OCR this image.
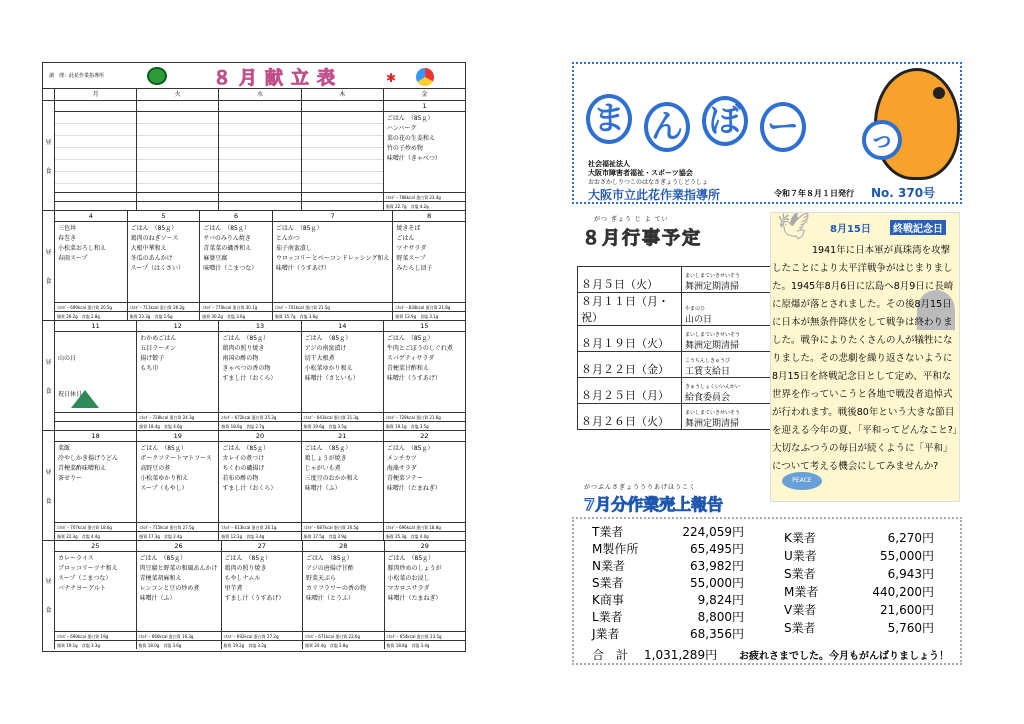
調　理：此花作業指導所	８月献立表	✱
月	火	水	木	金
昼
食
1
ごはん　（85ｇ）
ハンバーグ
菜の花の生姜和え
竹の子炒め物
味噌汁（きゃべつ）
ｴﾈﾙｷﾞｰ 788kcal 蛋白質 23.4g
脂質 22.7g　食塩 4.2g
昼
食
4
三色丼
春巻き
小松菜おろし和え
春雨スープ
ｴﾈﾙｷﾞｰ 690kcal 蛋白質 20.5g
脂質 26.2g　食塩 2.8g
5
ごはん　（85ｇ）
鶏肉のねぎソース
大根中華和え
冬瓜のあんかけ
スープ（はくさい）
ｴﾈﾙｷﾞｰ 711kcal 蛋白質 26.2g
脂質 23.3g　食塩 2.6g
6
ごはん　（85ｇ）
サバのみりん焼き
青菜菜の磯香和え
麻婆豆腐
味噌汁（こまつな）
ｴﾈﾙｷﾞｰ 770kcal 蛋白質 30.1g
脂質 30.2g　食塩 3.6g
7
ごはん　（85ｇ）
とんかつ
茄子南蛮漬し
ウロッコリーとベーコンドレッシング和え
味噌汁（うすあげ）
ｴﾈﾙｷﾞｰ 741kcal 蛋白質 21.5g
脂質 15.7g　食塩 3.6g
8
焼きそば
ごはん
ツナサラダ
野菜スープ
みたらし団子
ｴﾈﾙｷﾞｰ 834kcal 蛋白質 21.8g
脂質 12.9g　食塩 3.1g
昼
食
11
山の日
祝日休日
12
わかめごはん
五目ラーメン
揚げ餃子
もち巾
ｴﾈﾙｷﾞｰ 728kcal 蛋白質 24.3g
脂質 18.4g　食塩 4.6g
13
ごはん　（85ｇ）
鶏肉の照り焼き
南国の酢の物
きゃべつの香の物
すまし汁（おくら）
ｴﾈﾙｷﾞｰ 672kcal 蛋白質 25.3g
脂質 18.0g　食塩 2.7g
14
ごはん　（85ｇ）
アジの南蛮漬け
切干大根煮
小松菜ゆかり和え
味噌汁（さといも）
ｴﾈﾙｷﾞｰ 643kcal 蛋白質 21.3g
脂質 19.6g　食塩 3.5g
15
ごはん　（85ｇ）
牛肉とごぼうのしぐれ煮
スパゲティサラダ
青梗菜甘酢和え
味噌汁（うすあげ）
ｴﾈﾙｷﾞｰ 729kcal 蛋白質 21.6g
脂質 19.1g　食塩 3.5g
昼
食
18
菜飯
冷やしかき揚げうどん
青梗菜酢味噌和え
茶せりー
ｴﾈﾙｷﾞｰ 707kcal 蛋白質 18.6g
脂質 22.3g　食塩 4.4g
19
ごはん　（85ｇ）
ポークソテートマトソース
高野豆の煮
小松菜ゆかり和え
スープ（もやし）
ｴﾈﾙｷﾞｰ 715kcal 蛋白質 27.5g
脂質 17.3g　食塩 2.4g
20
ごはん　（85ｇ）
カレイの煮つけ
ちくわの磯揚げ
若布の酢の物
すまし汁（おくら）
ｴﾈﾙｷﾞｰ 613kcal 蛋白質 26.1g
脂質 12.2g　食塩 3.4g
21
ごはん　（85ｇ）
鶏しょうが焼き
じゃがいも煮
三度豆のおかか和え
味噌汁（ふ）
ｴﾈﾙｷﾞｰ 687kcal 蛋白質 26.5g
脂質 17.5g　食塩 2.9g
22
ごはん　（85ｇ）
メンチカツ
海藻サラダ
青梗菜ソテー
味噌汁（たまねぎ）
ｴﾈﾙｷﾞｰ 696kcal 蛋白質 18.8g
脂質 25.3g　食塩 4.0g
昼
食
25
カレーライス
ブロッコリーツナ和え
スープ（こまつな）
バナナヨーグルト
ｴﾈﾙｷﾞｰ 690kcal 蛋白質 19g
脂質 19.1g　食塩 3.3g
26
ごはん　（85ｇ）
肉豆腐と野菜の和風あんかけ
青梗菜胡麻和え
レンコンと豆の炒め煮
味噌汁（ふ）
ｴﾈﾙｷﾞｰ 660kcal 蛋白質 16.3g
脂質 18.0g　食塩 3.6g
27
ごはん　（85ｇ）
鶏肉の照り焼き
もやしナムル
里芋煮
すまし汁（うすあげ）
ｴﾈﾙｷﾞｰ 692kcal 蛋白質 27.2g
脂質 19.2g　食塩 3.2g
28
ごはん　（85ｇ）
アジの唐揚げ甘酢
野菜天ぷら
カリフラワーの香の物
味噌汁（とうふ）
ｴﾈﾙｷﾞｰ 671kcal 蛋白質 22.6g
脂質 20.4g　食塩 2.8g
29
ごはん　（85ｇ）
豚肉炒めのしょうが
小松菜のお浸し
マカロニサラダ
味噌汁（たまねぎ）
ｴﾈﾙｷﾞｰ 654kcal 蛋白質 23.5g
脂質 18.8g　食塩 3.4g
ま ん ぼ ー	っ
社会福祉法人
大阪市障害者福祉・スポーツ協会
おおさかしりつこのはなさぎょうしどうしょ
大阪市立此花作業指導所	令和７年８月１日発行 No. 370号
がつ ぎょう じ よ てい
８月行事予定
８月５日（火）	まいしまていきせいそう
舞洲定期清掃

８月１１日（月・祝）	やまのひ
山の日

８月１９日（火）	まいしまていきせいそう
舞洲定期清掃

８月２２日（金）	こうちんしきゅうび
工賃支給日

８月２５日（月）	きゅうしょくいいんかい
給食委員会

８月２６日（火）	まいしまていきせいそう
舞洲定期清掃
🕊 8月15日	終戦記念日

1941年に日本軍が真珠湾を攻撃したことにより太平洋戦争がはじまりました。1945年8月6日に広島へ8月9日に長崎に原爆が落とされました。その後8月15日に日本が無条件降伏をして戦争は終わりました。戦争によりたくさんの人が犠牲になりました。その悲劇を繰り返さないように8月15日を終戦記念日として定め、平和な世界を作っていこうと各地で戦没者追悼式が行われます。戦後80年という大きな節目を迎える今年の夏、「平和ってどんなこと?」大切なふつうの毎日が続くように「平和」について考える機会にしてみませんか?

PEACE
がつぶんさぎょううりあげほうこく
7月分作業売上報告
T業者	224,059円
M製作所	65,495円
N業者	63,982円
S業者	55,000円
K商事	9,824円
L業者	8,800円
J業者	68,356円
K業者	6,270円
U業者	55,000円
S業者	6,943円
M業者	440,200円
V業者	21,600円
S業者	5,760円
合　計 1,031,289円 お疲れさまでした。今月もがんばりましょう！
